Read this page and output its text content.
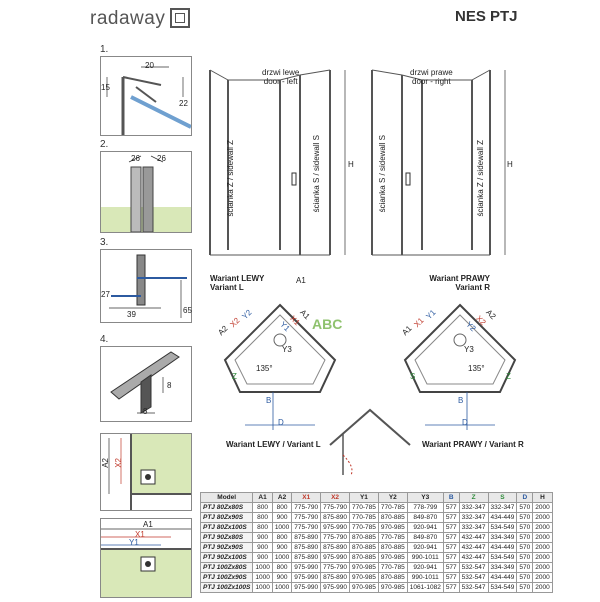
radaway	NES PTJ
1.
20
15
22
2.
26 26
3.
27
39	65
4.
8
8
A2 X2
A1
X1
Y1
drzwi lewe
door - left
ścianka Z / sidewall Z	ścianka S / sidewall S	H
A1
Wariant LEWY
Variant L
drzwi prawe
door - right
ścianka S / sidewall S	ścianka Z / sidewall Z	H
Wariant PRAWY
Variant R
A2
X2
Y2	A1
X1
Y1
Y3
135°
Z
B
D
Wariant LEWY / Variant L
A1
X1
Y1	A2
X2
Y2
Y3
135°
S	Z
B
D
Wariant PRAWY / Variant R
ABC
Model	A1	A2	X1	X2	Y1	Y2	Y3	B	Z	S	D	H
PTJ 80Zx80S	800	800	775-790	775-790	770-785	770-785	778-799	577	332-347	332-347	570	2000
PTJ 80Zx90S	800	900	775-790	875-890	770-785	870-885	849-870	577	332-347	434-449	570	2000
PTJ 80Zx100S	800	1000	775-790	975-990	770-785	970-985	920-941	577	332-347	534-549	570	2000
PTJ 90Zx80S	900	800	875-890	775-790	870-885	770-785	849-870	577	432-447	334-349	570	2000
PTJ 90Zx90S	900	900	875-890	875-890	870-885	870-885	920-941	577	432-447	434-449	570	2000
PTJ 90Zx100S	900	1000	875-890	975-990	870-885	970-985	990-1011	577	432-447	534-549	570	2000
PTJ 100Zx80S	1000	800	975-990	775-790	970-985	770-785	920-941	577	532-547	334-349	570	2000
PTJ 100Zx90S	1000	900	975-990	875-890	970-985	870-885	990-1011	577	532-547	434-449	570	2000
PTJ 100Zx100S	1000	1000	975-990	975-990	970-985	970-985	1061-1082	577	532-547	534-549	570	2000
